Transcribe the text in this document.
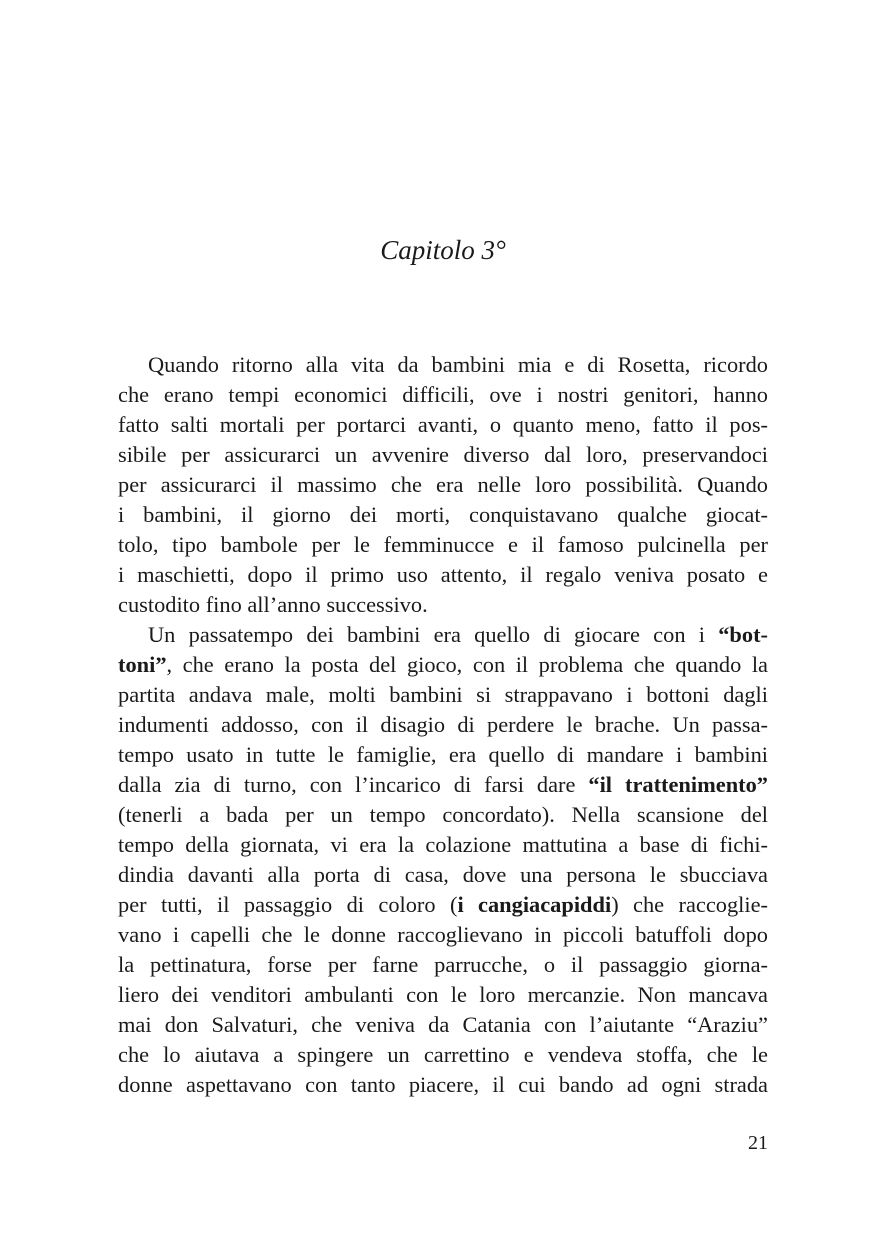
Capitolo 3°
Quando ritorno alla vita da bambini mia e di Rosetta, ricordo
che erano tempi economici difficili, ove i nostri genitori, hanno
fatto salti mortali per portarci avanti, o quanto meno, fatto il pos-
sibile per assicurarci un avvenire diverso dal loro, preservandoci
per assicurarci il massimo che era nelle loro possibilità. Quando
i bambini, il giorno dei morti, conquistavano qualche giocat-
tolo, tipo bambole per le femminucce e il famoso pulcinella per
i maschietti, dopo il primo uso attento, il regalo veniva posato e
custodito fino all’anno successivo.
Un passatempo dei bambini era quello di giocare con i “bot-
toni”, che erano la posta del gioco, con il problema che quando la
partita andava male, molti bambini si strappavano i bottoni dagli
indumenti addosso, con il disagio di perdere le brache. Un passa-
tempo usato in tutte le famiglie, era quello di mandare i bambini
dalla zia di turno, con l’incarico di farsi dare “il trattenimento”
(tenerli a bada per un tempo concordato). Nella scansione del
tempo della giornata, vi era la colazione mattutina a base di fichi-
dindia davanti alla porta di casa, dove una persona le sbucciava
per tutti, il passaggio di coloro (i cangiacapiddi) che raccoglie-
vano i capelli che le donne raccoglievano in piccoli batuffoli dopo
la pettinatura, forse per farne parrucche, o il passaggio giorna-
liero dei venditori ambulanti con le loro mercanzie. Non mancava
mai don Salvaturi, che veniva da Catania con l’aiutante “Araziu”
che lo aiutava a spingere un carrettino e vendeva stoffa, che le
donne aspettavano con tanto piacere, il cui bando ad ogni strada
21
